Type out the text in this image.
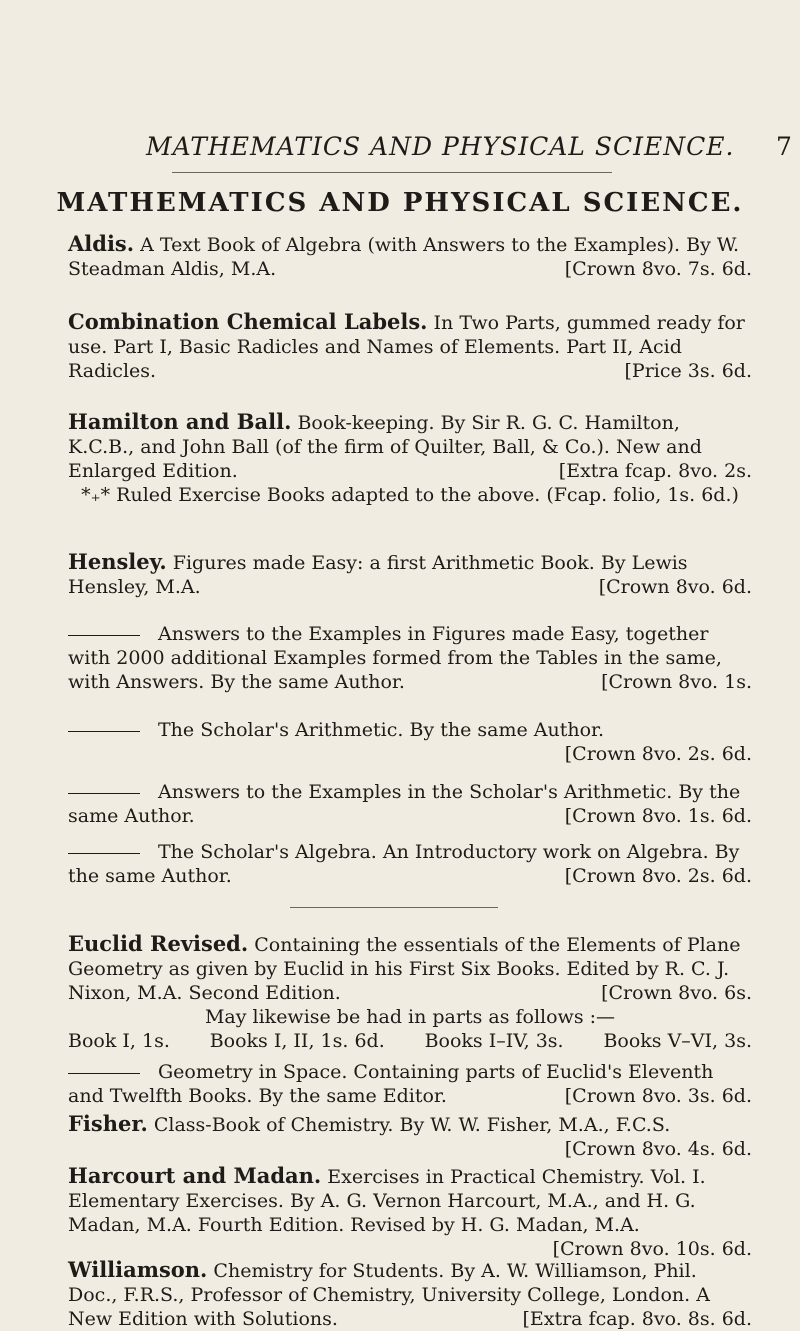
MATHEMATICS AND PHYSICAL SCIENCE. 7
MATHEMATICS AND PHYSICAL SCIENCE.
Aldis. A Text Book of Algebra (with Answers to the Examples). By W. Steadman Aldis, M.A.	[Crown 8vo. 7s. 6d.
Combination Chemical Labels. In Two Parts, gummed ready for use. Part I, Basic Radicles and Names of Elements. Part II, Acid Radicles.	[Price 3s. 6d.
Hamilton and Ball. Book-keeping. By Sir R. G. C. Hamilton, K.C.B., and John Ball (of the firm of Quilter, Ball, & Co.). New and Enlarged Edition.	[Extra fcap. 8vo. 2s.
*₊* Ruled Exercise Books adapted to the above. (Fcap. folio, 1s. 6d.)
Hensley. Figures made Easy: a first Arithmetic Book. By Lewis Hensley, M.A.	[Crown 8vo. 6d.
Answers to the Examples in Figures made Easy, together with 2000 additional Examples formed from the Tables in the same, with Answers. By the same Author.	[Crown 8vo. 1s.
The Scholar's Arithmetic. By the same Author.
[Crown 8vo. 2s. 6d.
Answers to the Examples in the Scholar's Arithmetic. By the same Author.	[Crown 8vo. 1s. 6d.
The Scholar's Algebra. An Introductory work on Algebra. By the same Author.	[Crown 8vo. 2s. 6d.
Euclid Revised. Containing the essentials of the Elements of Plane Geometry as given by Euclid in his First Six Books. Edited by R. C. J. Nixon, M.A. Second Edition.	[Crown 8vo. 6s.
May likewise be had in parts as follows :—
Book I, 1s. Books I, II, 1s. 6d. Books I–IV, 3s. Books V–VI, 3s.
Geometry in Space. Containing parts of Euclid's Eleventh and Twelfth Books. By the same Editor.	[Crown 8vo. 3s. 6d.
Fisher. Class-Book of Chemistry. By W. W. Fisher, M.A., F.C.S.
[Crown 8vo. 4s. 6d.
Harcourt and Madan. Exercises in Practical Chemistry. Vol. I. Elementary Exercises. By A. G. Vernon Harcourt, M.A., and H. G. Madan, M.A. Fourth Edition. Revised by H. G. Madan, M.A.
[Crown 8vo. 10s. 6d.
Williamson. Chemistry for Students. By A. W. Williamson, Phil. Doc., F.R.S., Professor of Chemistry, University College, London. A New Edition with Solutions.	[Extra fcap. 8vo. 8s. 6d.
